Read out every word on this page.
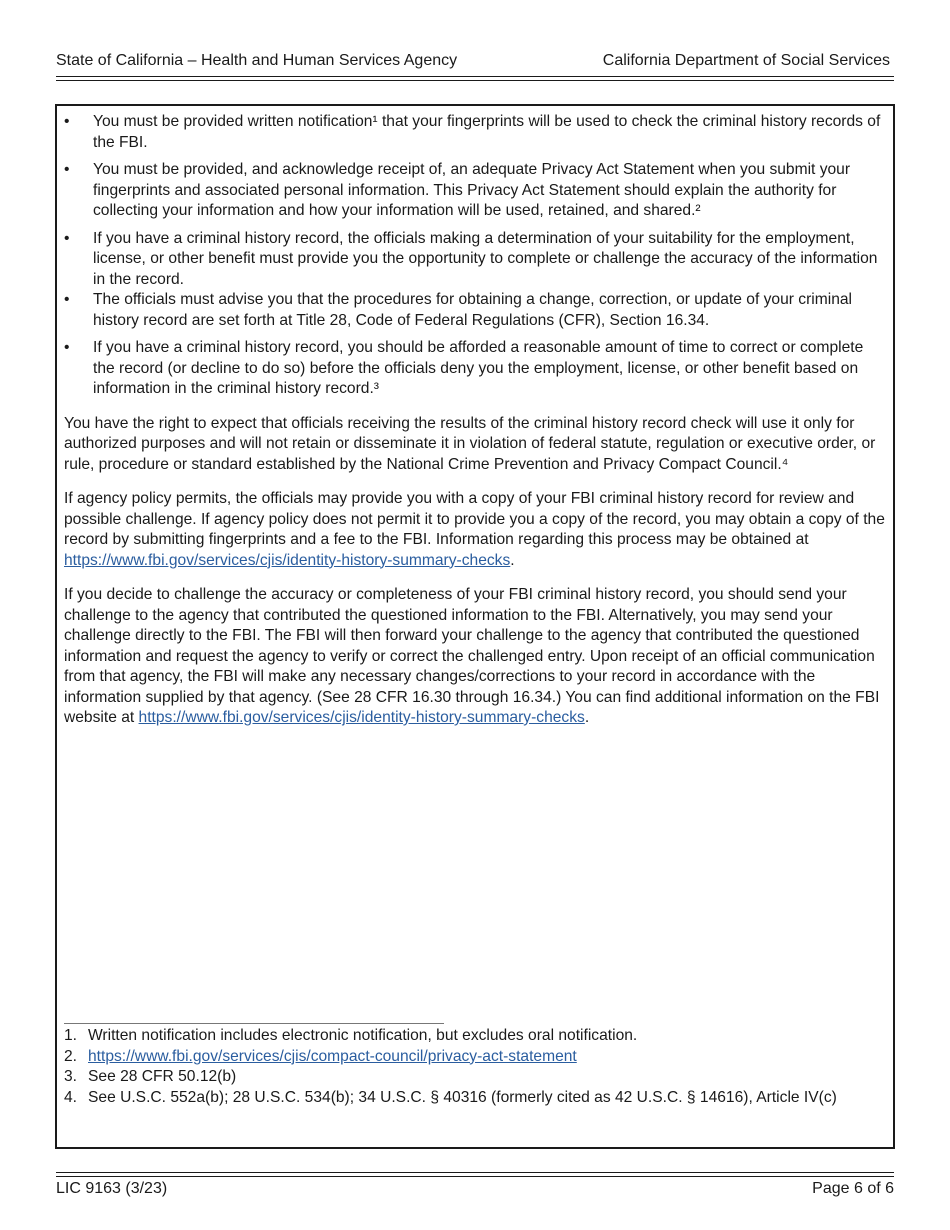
State of California – Health and Human Services Agency	California Department of Social Services
• You must be provided written notification¹ that your fingerprints will be used to check the criminal history records of the FBI.
• You must be provided, and acknowledge receipt of, an adequate Privacy Act Statement when you submit your fingerprints and associated personal information. This Privacy Act Statement should explain the authority for collecting your information and how your information will be used, retained, and shared.²
• If you have a criminal history record, the officials making a determination of your suitability for the employment, license, or other benefit must provide you the opportunity to complete or challenge the accuracy of the information in the record.
• The officials must advise you that the procedures for obtaining a change, correction, or update of your criminal history record are set forth at Title 28, Code of Federal Regulations (CFR), Section 16.34.
• If you have a criminal history record, you should be afforded a reasonable amount of time to correct or complete the record (or decline to do so) before the officials deny you the employment, license, or other benefit based on information in the criminal history record.³

You have the right to expect that officials receiving the results of the criminal history record check will use it only for authorized purposes and will not retain or disseminate it in violation of federal statute, regulation or executive order, or rule, procedure or standard established by the National Crime Prevention and Privacy Compact Council.⁴

If agency policy permits, the officials may provide you with a copy of your FBI criminal history record for review and possible challenge. If agency policy does not permit it to provide you a copy of the record, you may obtain a copy of the record by submitting fingerprints and a fee to the FBI. Information regarding this process may be obtained at https://www.fbi.gov/services/cjis/identity-history-summary-checks.

If you decide to challenge the accuracy or completeness of your FBI criminal history record, you should send your challenge to the agency that contributed the questioned information to the FBI. Alternatively, you may send your challenge directly to the FBI. The FBI will then forward your challenge to the agency that contributed the questioned information and request the agency to verify or correct the challenged entry. Upon receipt of an official communication from that agency, the FBI will make any necessary changes/corrections to your record in accordance with the information supplied by that agency. (See 28 CFR 16.30 through 16.34.) You can find additional information on the FBI website at https://www.fbi.gov/services/cjis/identity-history-summary-checks.

1. Written notification includes electronic notification, but excludes oral notification.
2. https://www.fbi.gov/services/cjis/compact-council/privacy-act-statement
3. See 28 CFR 50.12(b)
4. See U.S.C. 552a(b); 28 U.S.C. 534(b); 34 U.S.C. § 40316 (formerly cited as 42 U.S.C. § 14616), Article IV(c)
LIC 9163 (3/23)	Page 6 of 6
